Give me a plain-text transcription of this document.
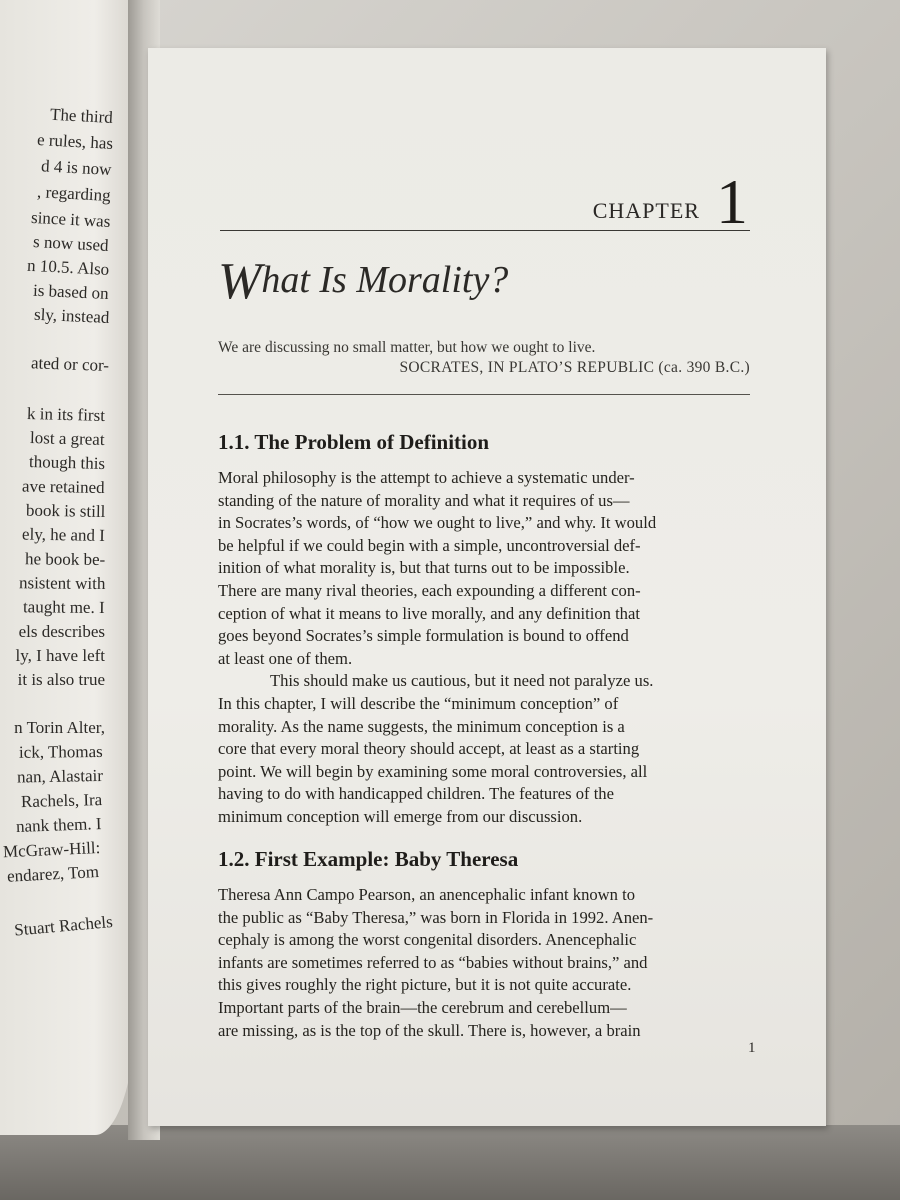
The third
e rules, has
d 4 is now
, regarding
since it was
s now used
n 10.5. Also
is based on
sly, instead
ated or cor-
k in its first
lost a great
though this
ave retained
book is still
ely, he and I
he book be-
nsistent with
taught me. I
els describes
ly, I have left
it is also true
n Torin Alter,
ick, Thomas
nan, Alastair
Rachels, Ira
nank them. I
McGraw-Hill:
endarez, Tom
Stuart Rachels
CHAPTER 1
What Is Morality?
We are discussing no small matter, but how we ought to live.
SOCRATES, IN PLATO’S REPUBLIC (ca. 390 B.C.)
1.1. The Problem of Definition
Moral philosophy is the attempt to achieve a systematic under-
standing of the nature of morality and what it requires of us—
in Socrates’s words, of “how we ought to live,” and why. It would
be helpful if we could begin with a simple, uncontroversial def-
inition of what morality is, but that turns out to be impossible.
There are many rival theories, each expounding a different con-
ception of what it means to live morally, and any definition that
goes beyond Socrates’s simple formulation is bound to offend
at least one of them.
This should make us cautious, but it need not paralyze us.
In this chapter, I will describe the “minimum conception” of
morality. As the name suggests, the minimum conception is a
core that every moral theory should accept, at least as a starting
point. We will begin by examining some moral controversies, all
having to do with handicapped children. The features of the
minimum conception will emerge from our discussion.
1.2. First Example: Baby Theresa
Theresa Ann Campo Pearson, an anencephalic infant known to
the public as “Baby Theresa,” was born in Florida in 1992. Anen-
cephaly is among the worst congenital disorders. Anencephalic
infants are sometimes referred to as “babies without brains,” and
this gives roughly the right picture, but it is not quite accurate.
Important parts of the brain—the cerebrum and cerebellum—
are missing, as is the top of the skull. There is, however, a brain
1
